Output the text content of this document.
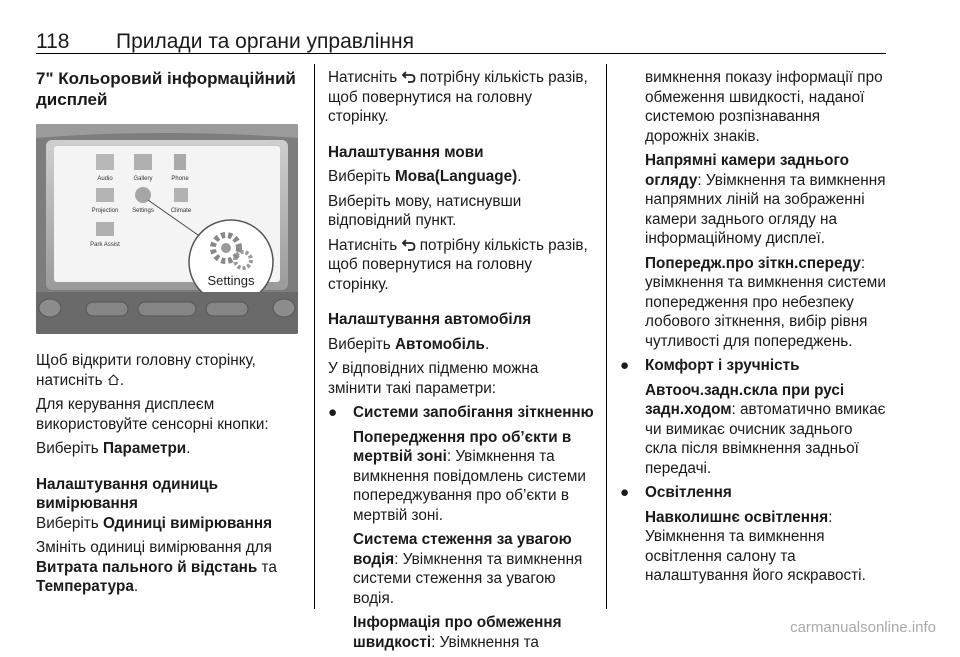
118	Прилади та органи управління
7" Кольоровий інформаційний дисплей
Audio	Gallery	Phone
Projection Settings	Climate
Park Assist
Settings

Щоб відкрити головну сторінку, натисніть .

Для керування дисплеєм використовуйте сенсорні кнопки:

Виберіть Параметри.

Налаштування одиниць вимірювання

Виберіть Одиниці вимірювання

Змініть одиниці вимірювання для Витрата пального й відстань та Температура.

Натисніть потрібну кількість разів, щоб повернутися на головну сторінку.

Налаштування мови

Виберіть Мова(Language).

Виберіть мову, натиснувши відповідний пункт.

Натисніть потрібну кількість разів, щоб повернутися на головну сторінку.

Налаштування автомобіля

Виберіть Автомобіль.

У відповідних підменю можна змінити такі параметри:

● Системи запобігання зіткненню

Попередження про об’єкти в мертвій зоні: Увімкнення та вимкнення повідомлень системи попереджування про об’єкти в мертвій зоні.

Система стеження за увагою водія: Увімкнення та вимкнення системи стеження за увагою водія.

Інформація про обмеження швидкості: Увімкнення та

вимкнення показу інформації про обмеження швидкості, наданої системою розпізнавання дорожніх знаків.

Напрямні камери заднього огляду: Увімкнення та вимкнення напрямних ліній на зображенні камери заднього огляду на інформаційному дисплеї.

Попередж.про зіткн.спереду: увімкнення та вимкнення системи попередження про небезпеку лобового зіткнення, вибір рівня чутливості для попереджень.

● Комфорт і зручність

Автооч.задн.скла при русі задн.ходом: автоматично вмикає чи вимикає очисник заднього скла після ввімкнення задньої передачі.

● Освітлення

Навколишнє освітлення: Увімкнення та вимкнення освітлення салону та налаштування його яскравості.

carmanualsonline.info
